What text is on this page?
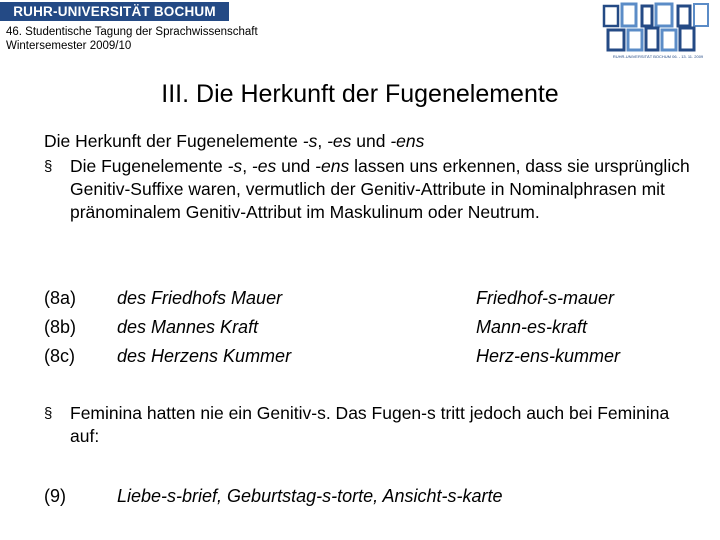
RUHR-UNIVERSITÄT BOCHUM
46. Studentische Tagung der Sprachwissenschaft
Wintersemester 2009/10
RUHR-UNIVERSITÄT BOCHUM 06. - 13. 11. 2009
III. Die Herkunft der Fugenelemente
Die Herkunft der Fugenelemente -s, -es und -ens
§ Die Fugenelemente -s, -es und -ens lassen uns erkennen, dass sie ursprünglich Genitiv-Suffixe waren, vermutlich der Genitiv-Attribute in Nominalphrasen mit pränominalem Genitiv-Attribut im Maskulinum oder Neutrum.
(8a) des Friedhofs Mauer	Friedhof-s-mauer
(8b) des Mannes Kraft	Mann-es-kraft
(8c) des Herzens Kummer	Herz-ens-kummer
§ Feminina hatten nie ein Genitiv-s. Das Fugen-s tritt jedoch auch bei Feminina auf:
(9)	Liebe-s-brief, Geburtstag-s-torte, Ansicht-s-karte
